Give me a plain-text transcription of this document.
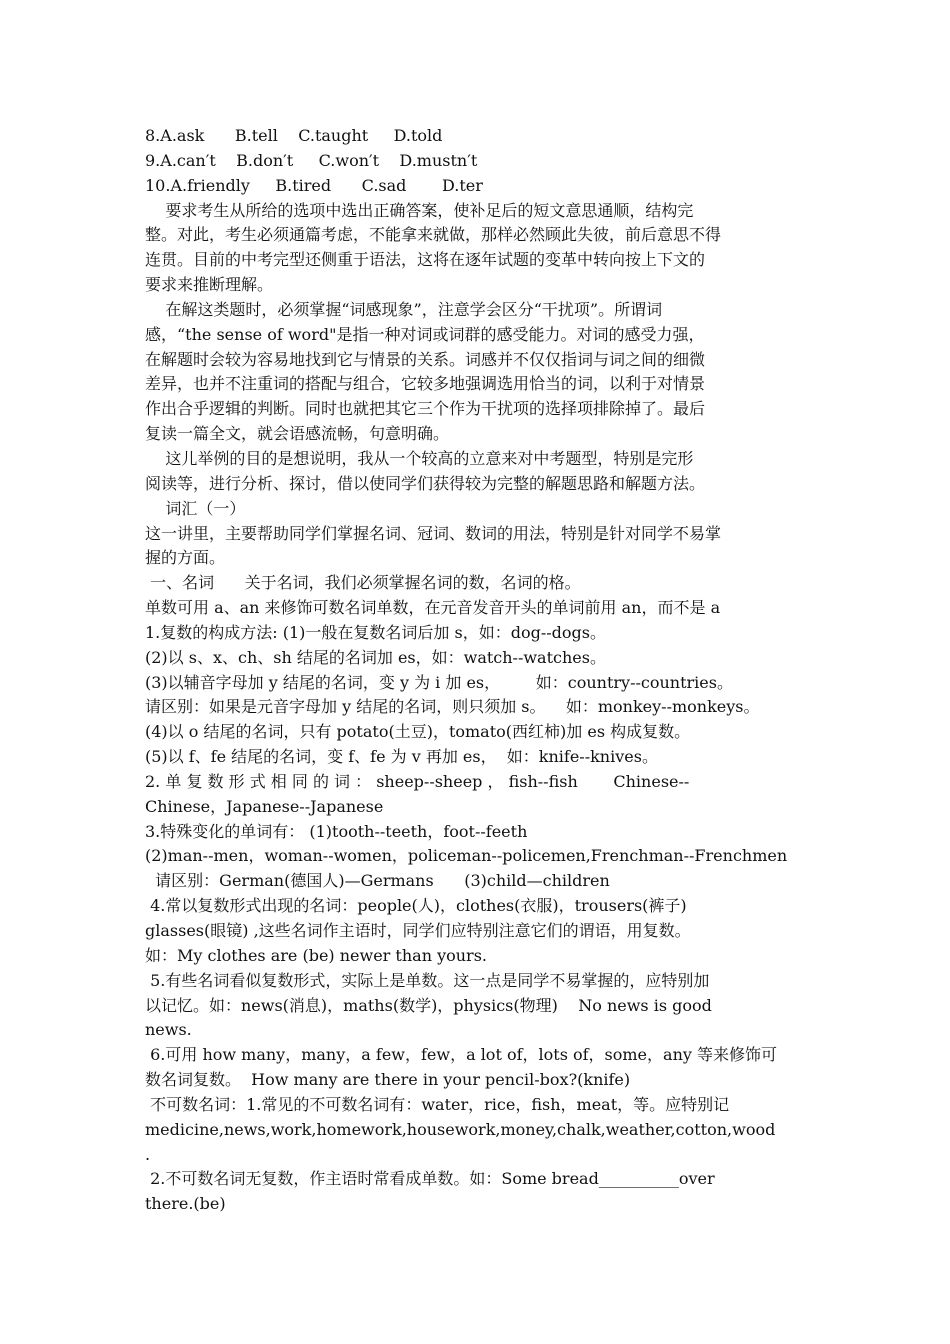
8.A.ask      B.tell    C.taught     D.told
9.A.can′t    B.don′t     C.won′t    D.mustn′t
10.A.friendly     B.tired      C.sad       D.ter
要求考生从所给的选项中选出正确答案，使补足后的短文意思通顺，结构完
整。对此，考生必须通篇考虑，不能拿来就做，那样必然顾此失彼，前后意思不得
连贯。目前的中考完型还侧重于语法，这将在逐年试题的变革中转向按上下文的
要求来推断理解。
在解这类题时，必须掌握“词感现象”，注意学会区分“干扰项”。所谓词
感，“the sense of word"是指一种对词或词群的感受能力。对词的感受力强，
在解题时会较为容易地找到它与情景的关系。词感并不仅仅指词与词之间的细微
差异，也并不注重词的搭配与组合，它较多地强调选用恰当的词，以利于对情景
作出合乎逻辑的判断。同时也就把其它三个作为干扰项的选择项排除掉了。最后
复读一篇全文，就会语感流畅，句意明确。
这儿举例的目的是想说明，我从一个较高的立意来对中考题型，特别是完形
阅读等，进行分析、探讨，借以使同学们获得较为完整的解题思路和解题方法。
词汇（一）
这一讲里，主要帮助同学们掌握名词、冠词、数词的用法，特别是针对同学不易掌
握的方面。
一、名词      关于名词，我们必须掌握名词的数，名词的格。
单数可用 a、an 来修饰可数名词单数，在元音发音开头的单词前用 an，而不是 a
1.复数的构成方法: (1)一般在复数名词后加 s，如：dog--dogs。
(2)以 s、x、ch、sh 结尾的名词加 es，如：watch--watches。
(3)以辅音字母加 y 结尾的名词，变 y 为 i 加 es，       如：country--countries。
请区别：如果是元音字母加 y 结尾的名词，则只须加 s。    如：monkey--monkeys。
(4)以 o 结尾的名词，只有 potato(土豆)，tomato(西红柿)加 es 构成复数。
(5)以 f、fe 结尾的名词，变 f、fe 为 v 再加 es，  如：knife--knives。
2. 单 复 数 形 式 相 同 的 词 ： sheep--sheep ， fish--fish       Chinese--
Chinese，Japanese--Japanese
3.特殊变化的单词有： (1)tooth--teeth，foot--feeth
(2)man--men，woman--women，policeman--policemen,Frenchman--Frenchmen
请区别：German(德国人)—Germans      (3)child—children
4.常以复数形式出现的名词：people(人)，clothes(衣服)，trousers(裤子)
glasses(眼镜) ,这些名词作主语时，同学们应特别注意它们的谓语，用复数。
如：My clothes are (be) newer than yours.
5.有些名词看似复数形式，实际上是单数。这一点是同学不易掌握的，应特别加
以记忆。如：news(消息)，maths(数学)，physics(物理)    No news is good
news.
6.可用 how many，many，a few，few，a lot of，lots of，some，any 等来修饰可
数名词复数。  How many are there in your pencil-box?(knife)
不可数名词：1.常见的不可数名词有：water，rice，fish，meat，等。应特别记
medicine,news,work,homework,housework,money,chalk,weather,cotton,wood
.
2.不可数名词无复数，作主语时常看成单数。如：Some bread__________over
there.(be)
